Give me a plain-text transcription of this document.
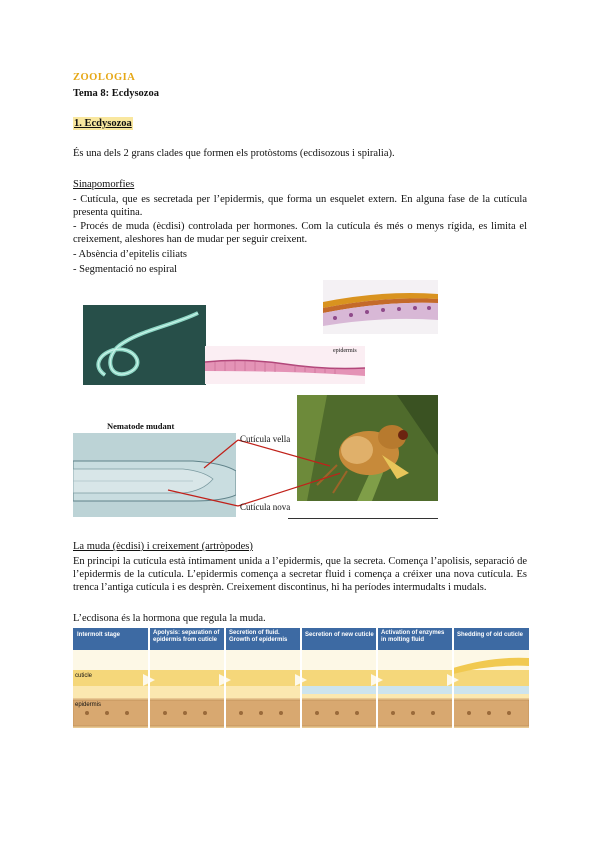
ZOOLOGIA
Tema 8: Ecdysozoa
1. Ecdysozoa
És una dels 2 grans clades que formen els protòstoms (ecdisozous i spiralia).
Sinapomorfies
- Cutícula, que es secretada per l’epidermis, que forma un esquelet extern. En alguna fase de la cutícula presenta quitina.
- Procés de muda (ècdisi) controlada per hormones. Com la cutícula és més o menys rígida, es limita el creixement, aleshores han de mudar per seguir creixent.
- Absència d’epitelis ciliats
- Segmentació no espiral
epidermis
Nematode mudant
Cutícula vella
Cutícula nova
La muda (ècdisi) i creixement (artròpodes)
En principi la cutícula està íntimament unida a l’epidermis, que la secreta. Comença l’apolisis, separació de l’epidermis de la cutícula. L’epidermis comença a secretar fluid i comença a créixer una nova cutícula. Es trenca l’antiga cutícula i es desprèn. Creixement discontinus, hi ha períodes intermudalts i mudals.
L’ecdisona és la hormona que regula la muda.
Intermolt stage	Apolysis: separation of epidermis from cuticle
Secretion of fluid. Growth of epidermis
Secretion of new cuticle Activation of enzymes in molting fluid
Shedding of old cuticle
cuticle
epidermis
